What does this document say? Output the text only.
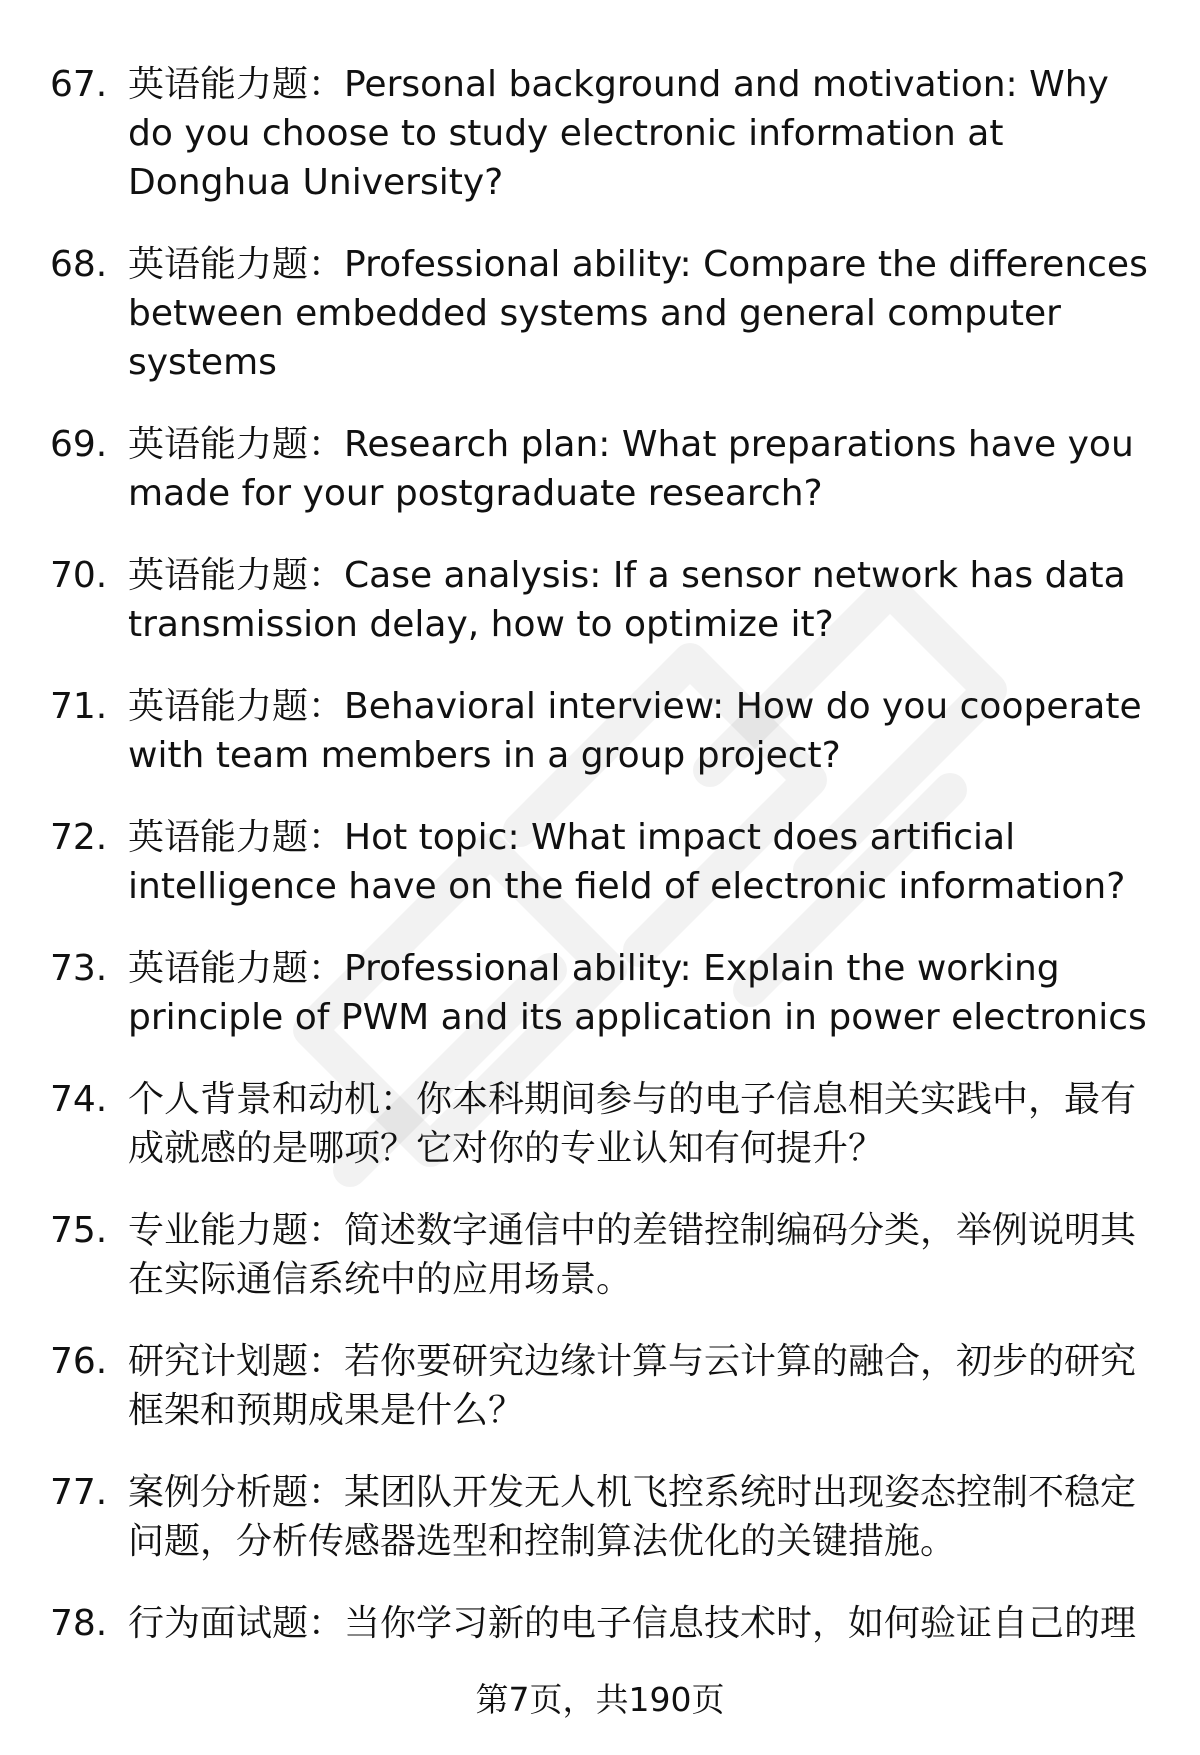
67. 英语能力题：Personal background and motivation: Why do you choose to study electronic information at Donghua University?
68. 英语能力题：Professional ability: Compare the differences between embedded systems and general computer systems
69. 英语能力题：Research plan: What preparations have you made for your postgraduate research?
70. 英语能力题：Case analysis: If a sensor network has data transmission delay, how to optimize it?
71. 英语能力题：Behavioral interview: How do you cooperate with team members in a group project?
72. 英语能力题：Hot topic: What impact does artificial intelligence have on the field of electronic information?
73. 英语能力题：Professional ability: Explain the working principle of PWM and its application in power electronics
74. 个人背景和动机：你本科期间参与的电子信息相关实践中，最有成就感的是哪项？它对你的专业认知有何提升？
75. 专业能力题：简述数字通信中的差错控制编码分类，举例说明其在实际通信系统中的应用场景。
76. 研究计划题：若你要研究边缘计算与云计算的融合，初步的研究框架和预期成果是什么？
77. 案例分析题：某团队开发无人机飞控系统时出现姿态控制不稳定问题，分析传感器选型和控制算法优化的关键措施。
78. 行为面试题：当你学习新的电子信息技术时，如何验证自己的理
第7页，共190页
